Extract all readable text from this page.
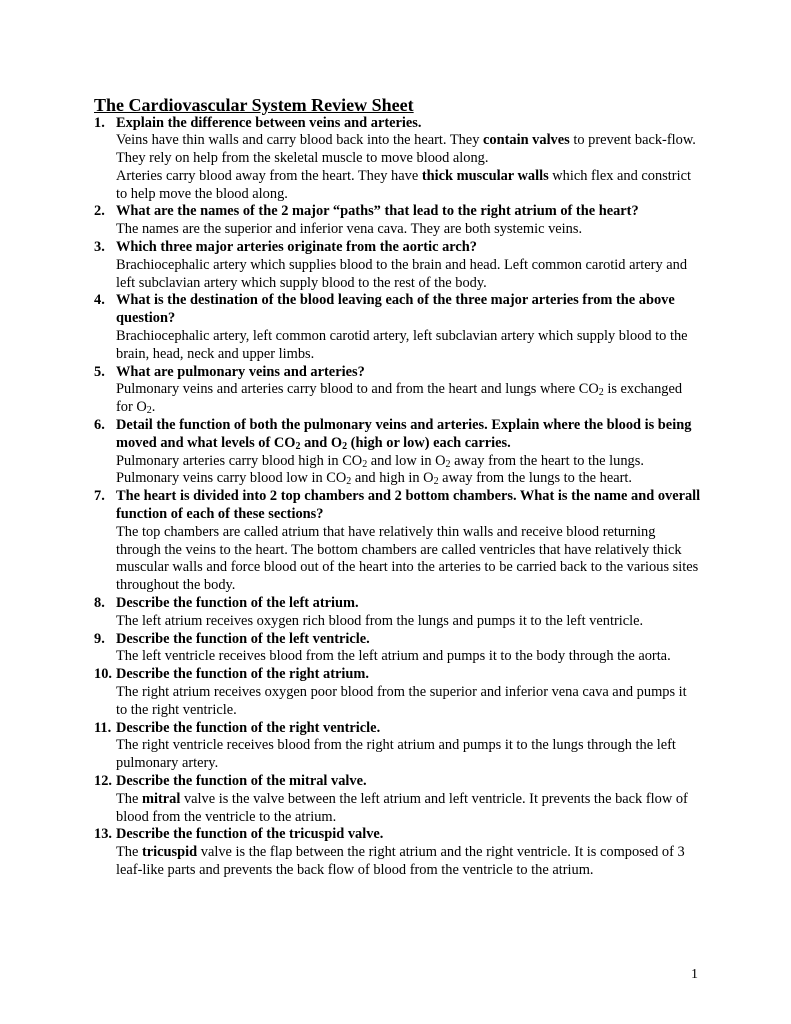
The Cardiovascular System Review Sheet
1. Explain the difference between veins and arteries.
Veins have thin walls and carry blood back into the heart. They contain valves to prevent back-flow. They rely on help from the skeletal muscle to move blood along.
Arteries carry blood away from the heart. They have thick muscular walls which flex and constrict to help move the blood along.
2. What are the names of the 2 major “paths” that lead to the right atrium of the heart?
The names are the superior and inferior vena cava. They are both systemic veins.
3. Which three major arteries originate from the aortic arch?
Brachiocephalic artery which supplies blood to the brain and head. Left common carotid artery and left subclavian artery which supply blood to the rest of the body.
4. What is the destination of the blood leaving each of the three major arteries from the above question?
Brachiocephalic artery, left common carotid artery, left subclavian artery which supply blood to the brain, head, neck and upper limbs.
5. What are pulmonary veins and arteries?
Pulmonary veins and arteries carry blood to and from the heart and lungs where $CO_2$ is exchanged for $O_2$.
6. Detail the function of both the pulmonary veins and arteries. Explain where the blood is being moved and what levels of $CO_2$ and $O_2$ (high or low) each carries.
Pulmonary arteries carry blood high in $CO_2$ and low in $O_2$ away from the heart to the lungs.
Pulmonary veins carry blood low in $CO_2$ and high in $O_2$ away from the lungs to the heart.
7. The heart is divided into 2 top chambers and 2 bottom chambers. What is the name and overall function of each of these sections?
The top chambers are called atrium that have relatively thin walls and receive blood returning through the veins to the heart. The bottom chambers are called ventricles that have relatively thick muscular walls and force blood out of the heart into the arteries to be carried back to the various sites throughout the body.
8. Describe the function of the left atrium.
The left atrium receives oxygen rich blood from the lungs and pumps it to the left ventricle.
9. Describe the function of the left ventricle.
The left ventricle receives blood from the left atrium and pumps it to the body through the aorta.
10. Describe the function of the right atrium.
The right atrium receives oxygen poor blood from the superior and inferior vena cava and pumps it to the right ventricle.
11. Describe the function of the right ventricle.
The right ventricle receives blood from the right atrium and pumps it to the lungs through the left pulmonary artery.
12. Describe the function of the mitral valve.
The mitral valve is the valve between the left atrium and left ventricle. It prevents the back flow of blood from the ventricle to the atrium.
13. Describe the function of the tricuspid valve.
The tricuspid valve is the flap between the right atrium and the right ventricle. It is composed of 3 leaf-like parts and prevents the back flow of blood from the ventricle to the atrium.
1
